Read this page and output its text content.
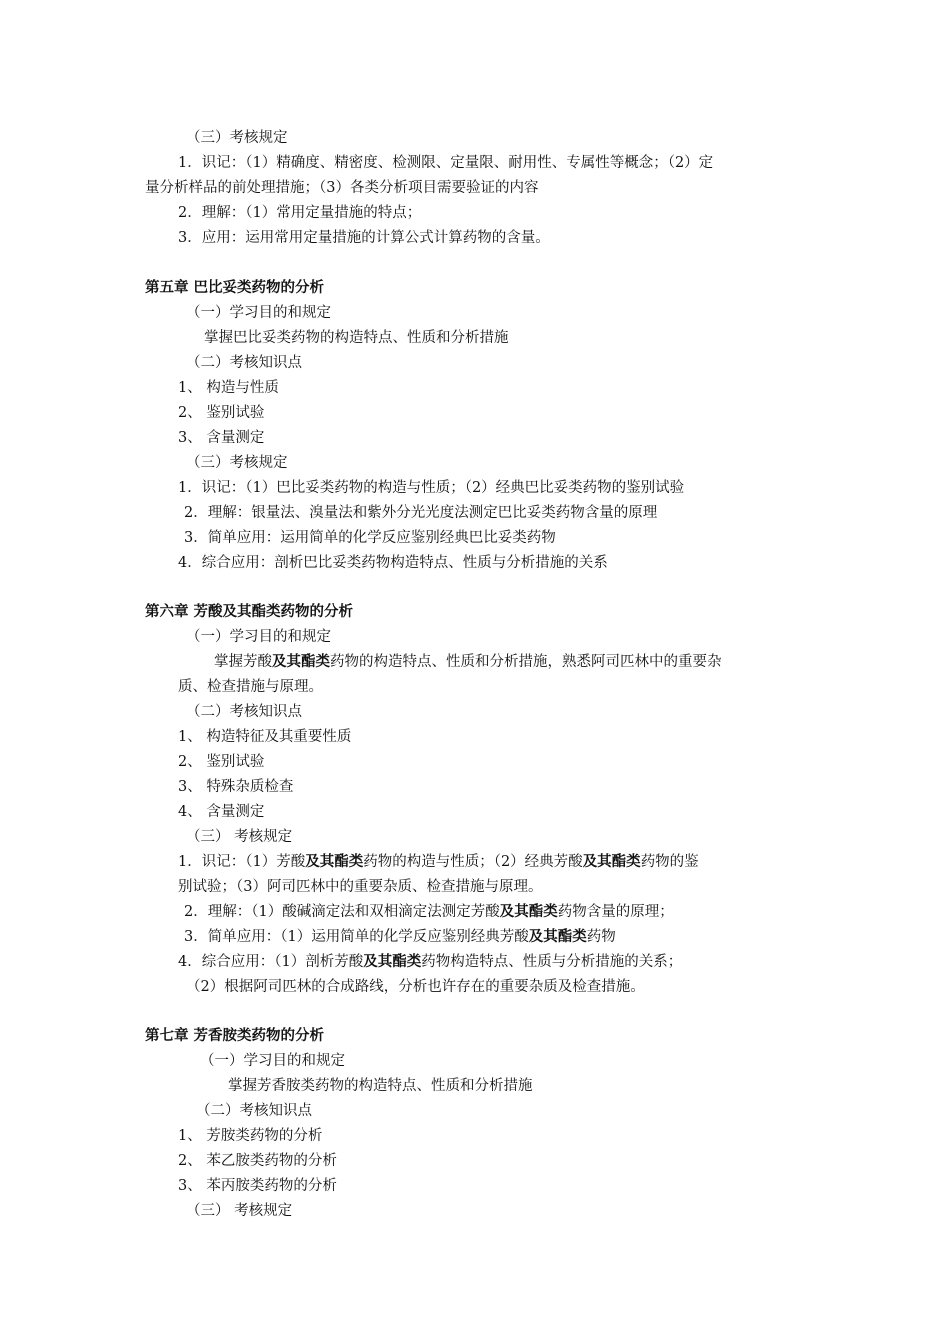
（三）考核规定
1．识记：（1）精确度、精密度、检测限、定量限、耐用性、专属性等概念；（2）定
量分析样品的前处理措施；（3）各类分析项目需要验证的内容
2．理解：（1）常用定量措施的特点；
3．应用：运用常用定量措施的计算公式计算药物的含量。
第五章 巴比妥类药物的分析
（一）学习目的和规定
掌握巴比妥类药物的构造特点、性质和分析措施
（二）考核知识点
1、 构造与性质
2、 鉴别试验
3、 含量测定
（三）考核规定
1．识记：（1）巴比妥类药物的构造与性质；（2）经典巴比妥类药物的鉴别试验
2．理解：银量法、溴量法和紫外分光光度法测定巴比妥类药物含量的原理
3．简单应用：运用简单的化学反应鉴别经典巴比妥类药物
4．综合应用：剖析巴比妥类药物构造特点、性质与分析措施的关系
第六章 芳酸及其酯类药物的分析
（一）学习目的和规定
掌握芳酸及其酯类药物的构造特点、性质和分析措施，熟悉阿司匹林中的重要杂
质、检查措施与原理。
（二）考核知识点
1、 构造特征及其重要性质
2、 鉴别试验
3、 特殊杂质检查
4、 含量测定
（三） 考核规定
1．识记：（1）芳酸及其酯类药物的构造与性质；（2）经典芳酸及其酯类药物的鉴
别试验；（3）阿司匹林中的重要杂质、检查措施与原理。
2．理解：（1）酸碱滴定法和双相滴定法测定芳酸及其酯类药物含量的原理；
3．简单应用：（1）运用简单的化学反应鉴别经典芳酸及其酯类药物
4．综合应用：（1）剖析芳酸及其酯类药物构造特点、性质与分析措施的关系；
（2）根据阿司匹林的合成路线，分析也许存在的重要杂质及检查措施。
第七章 芳香胺类药物的分析
（一）学习目的和规定
掌握芳香胺类药物的构造特点、性质和分析措施
（二）考核知识点
1、 芳胺类药物的分析
2、 苯乙胺类药物的分析
3、 苯丙胺类药物的分析
（三） 考核规定
